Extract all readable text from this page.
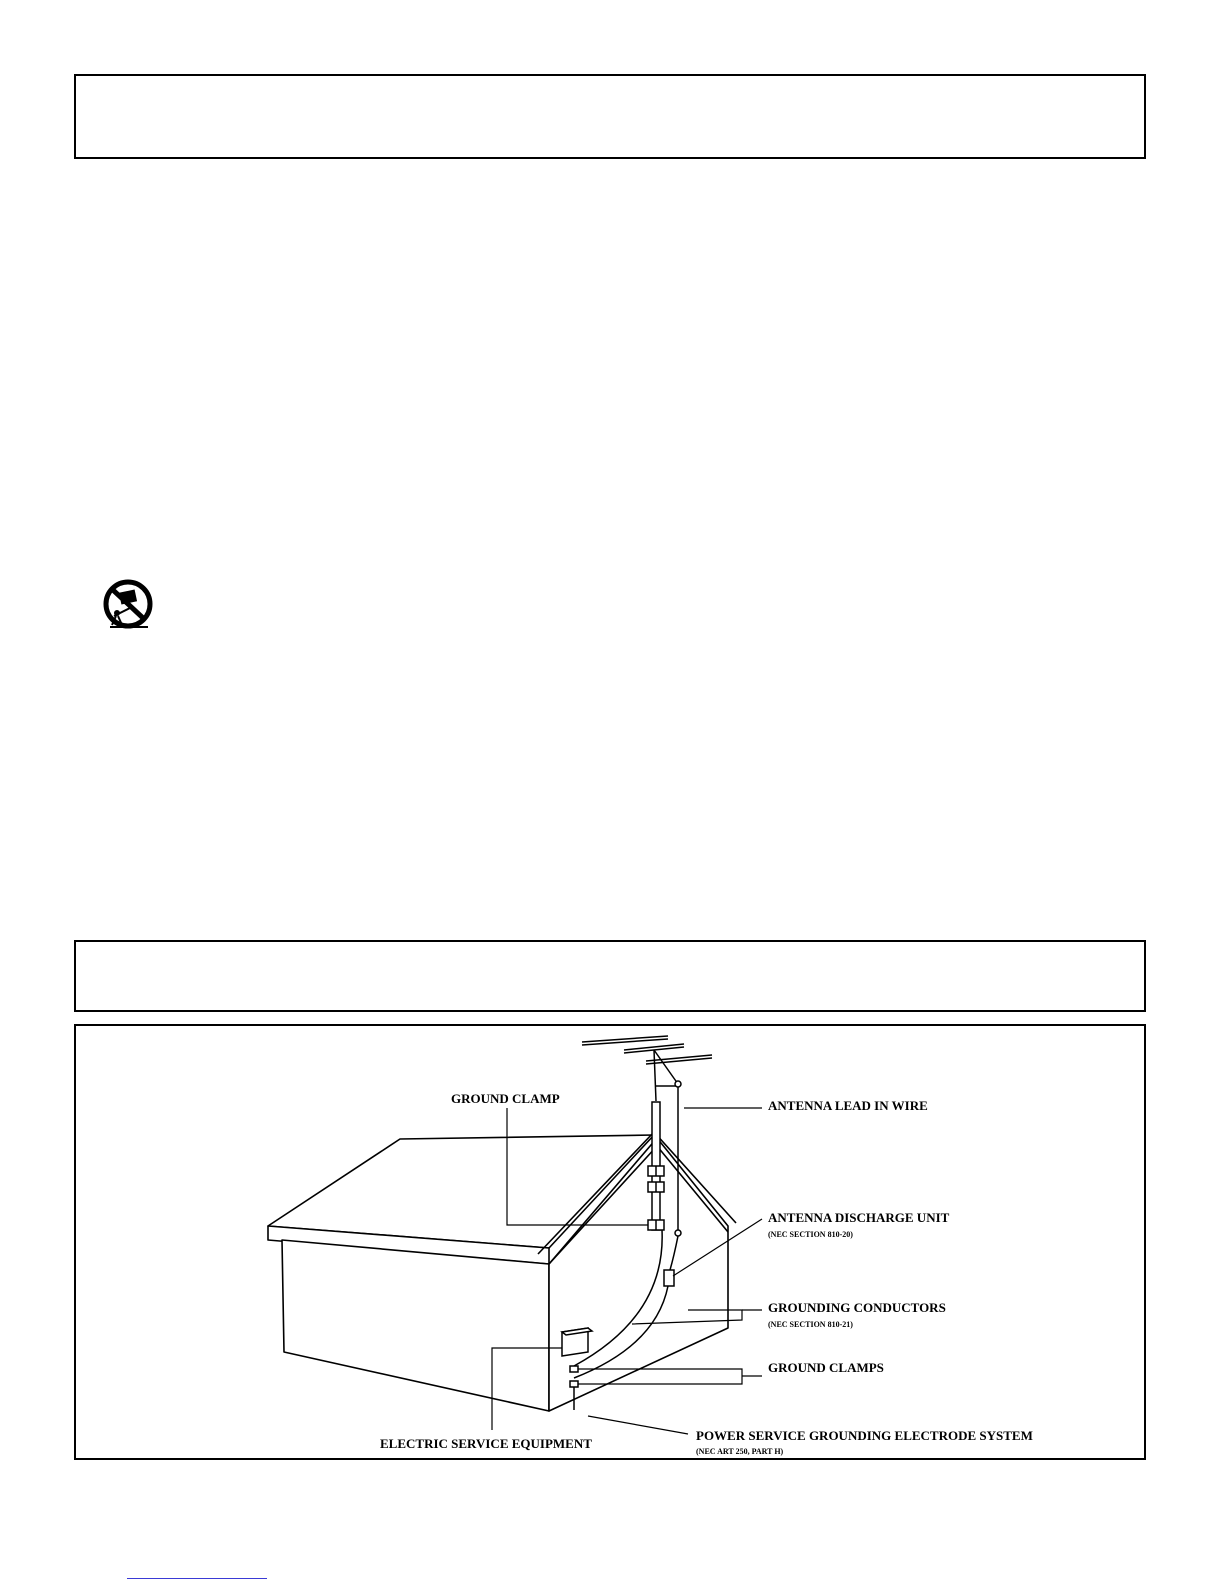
GROUND CLAMP	ANTENNA LEAD IN WIRE
ANTENNA DISCHARGE UNIT
(NEC SECTION 810-20)
GROUNDING CONDUCTORS
(NEC SECTION 810-21)
GROUND CLAMPS
ELECTRIC SERVICE EQUIPMENT
POWER SERVICE GROUNDING ELECTRODE SYSTEM
(NEC ART 250, PART H)
